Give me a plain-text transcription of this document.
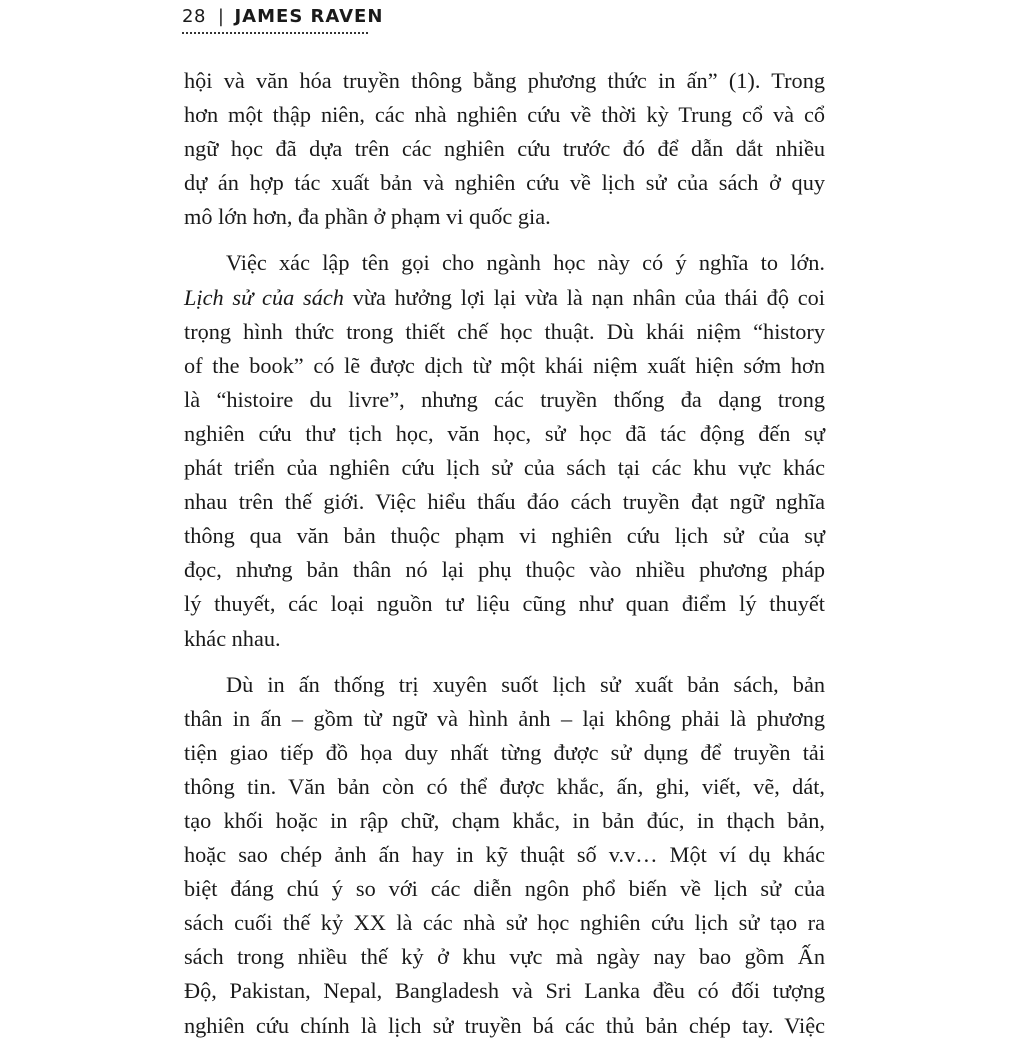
28 | JAMES RAVEN
hội và văn hóa truyền thông bằng phương thức in ấn” (1). Trong
hơn một thập niên, các nhà nghiên cứu về thời kỳ Trung cổ và cổ
ngữ học đã dựa trên các nghiên cứu trước đó để dẫn dắt nhiều
dự án hợp tác xuất bản và nghiên cứu về lịch sử của sách ở quy
mô lớn hơn, đa phần ở phạm vi quốc gia.
Việc xác lập tên gọi cho ngành học này có ý nghĩa to lớn.
Lịch sử của sách vừa hưởng lợi lại vừa là nạn nhân của thái độ coi
trọng hình thức trong thiết chế học thuật. Dù khái niệm “history
of the book” có lẽ được dịch từ một khái niệm xuất hiện sớm hơn
là “histoire du livre”, nhưng các truyền thống đa dạng trong
nghiên cứu thư tịch học, văn học, sử học đã tác động đến sự
phát triển của nghiên cứu lịch sử của sách tại các khu vực khác
nhau trên thế giới. Việc hiểu thấu đáo cách truyền đạt ngữ nghĩa
thông qua văn bản thuộc phạm vi nghiên cứu lịch sử của sự
đọc, nhưng bản thân nó lại phụ thuộc vào nhiều phương pháp
lý thuyết, các loại nguồn tư liệu cũng như quan điểm lý thuyết
khác nhau.
Dù in ấn thống trị xuyên suốt lịch sử xuất bản sách, bản
thân in ấn – gồm từ ngữ và hình ảnh – lại không phải là phương
tiện giao tiếp đồ họa duy nhất từng được sử dụng để truyền tải
thông tin. Văn bản còn có thể được khắc, ấn, ghi, viết, vẽ, dát,
tạo khối hoặc in rập chữ, chạm khắc, in bản đúc, in thạch bản,
hoặc sao chép ảnh ấn hay in kỹ thuật số v.v… Một ví dụ khác
biệt đáng chú ý so với các diễn ngôn phổ biến về lịch sử của
sách cuối thế kỷ XX là các nhà sử học nghiên cứu lịch sử tạo ra
sách trong nhiều thế kỷ ở khu vực mà ngày nay bao gồm Ấn
Độ, Pakistan, Nepal, Bangladesh và Sri Lanka đều có đối tượng
nghiên cứu chính là lịch sử truyền bá các thủ bản chép tay. Việc
